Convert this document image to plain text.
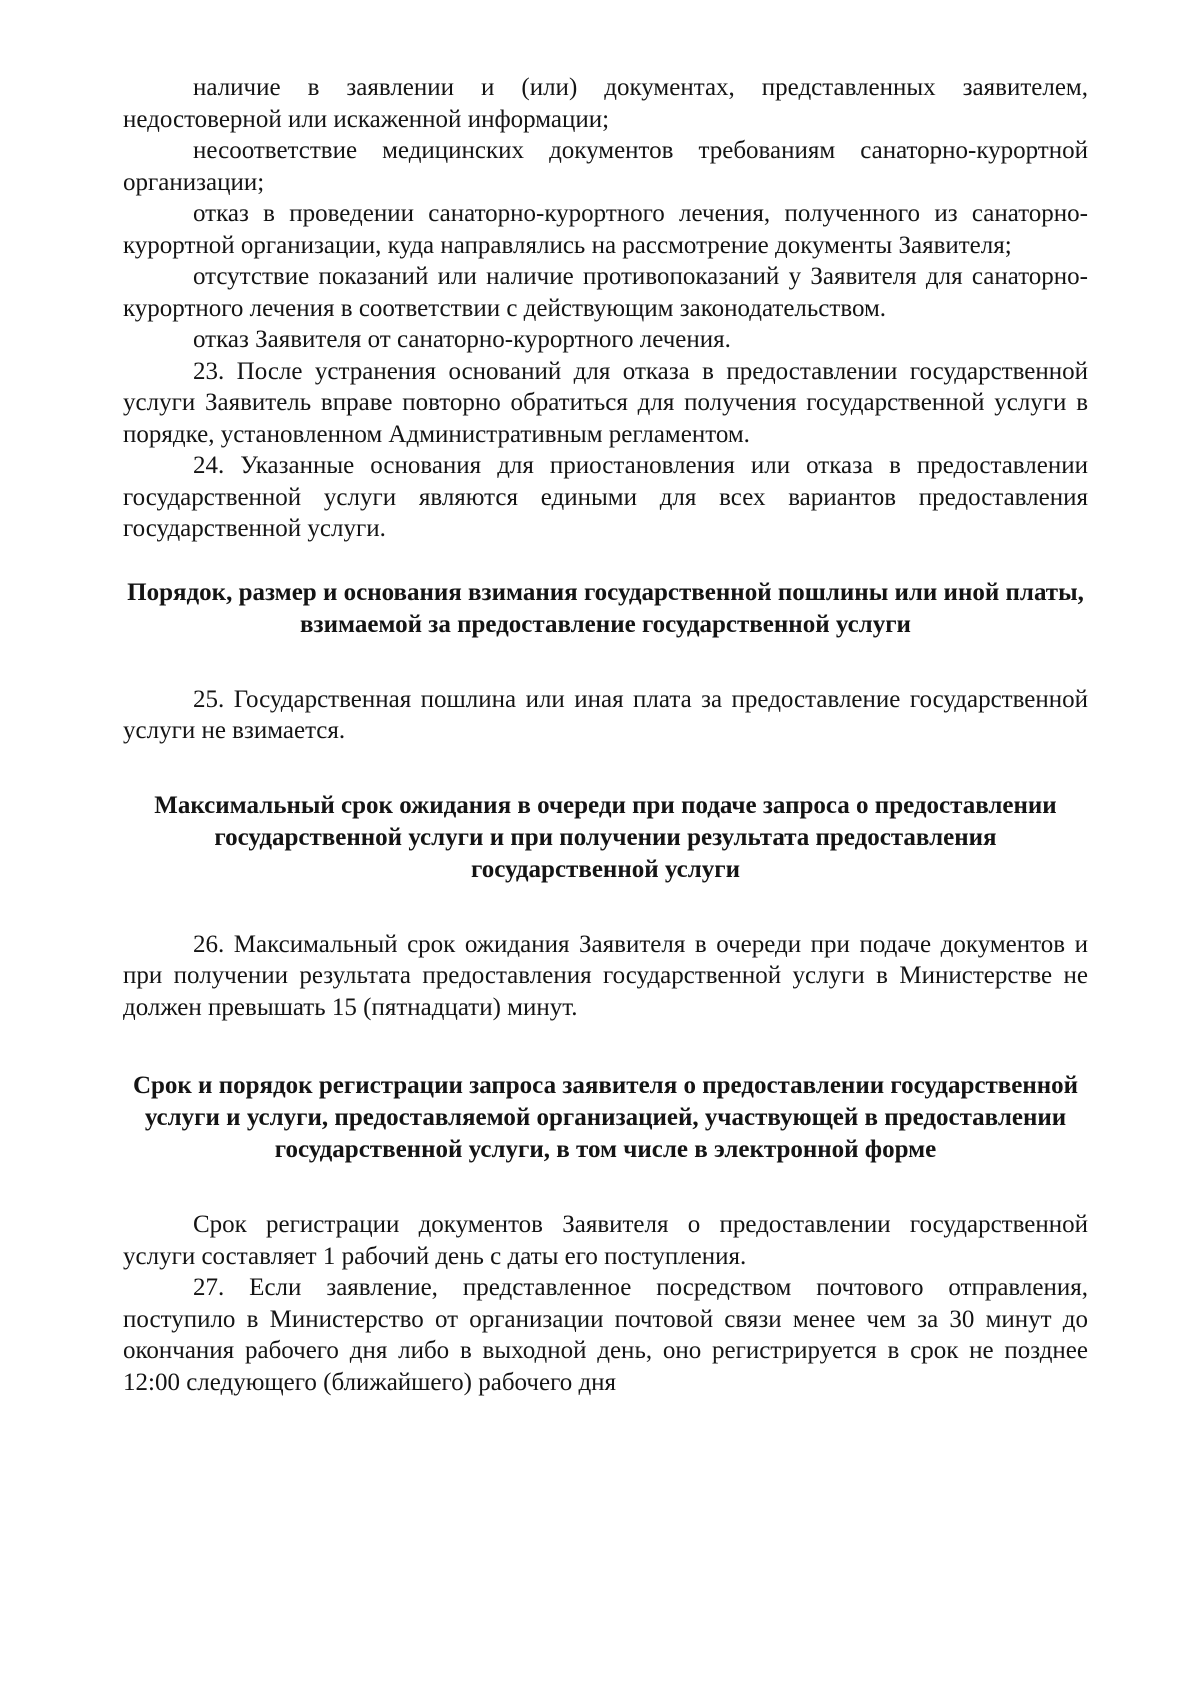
наличие в заявлении и (или) документах, представленных заявителем, недостоверной или искаженной информации;

несоответствие медицинских документов требованиям санаторно-курортной организации;

отказ в проведении санаторно-курортного лечения, полученного из санаторно-курортной организации, куда направлялись на рассмотрение документы Заявителя;

отсутствие показаний или наличие противопоказаний у Заявителя для санаторно-курортного лечения в соответствии с действующим законодательством.

отказ Заявителя от санаторно-курортного лечения.

23. После устранения оснований для отказа в предоставлении государственной услуги Заявитель вправе повторно обратиться для получения государственной услуги в порядке, установленном Административным регламентом.

24. Указанные основания для приостановления или отказа в предоставлении государственной услуги являются едиными для всех вариантов предоставления государственной услуги.

Порядок, размер и основания взимания государственной пошлины или иной платы, взимаемой за предоставление государственной услуги

25. Государственная пошлина или иная плата за предоставление государственной услуги не взимается.

Максимальный срок ожидания в очереди при подаче запроса о предоставлении государственной услуги и при получении результата предоставления государственной услуги

26. Максимальный срок ожидания Заявителя в очереди при подаче документов и при получении результата предоставления государственной услуги в Министерстве не должен превышать 15 (пятнадцати) минут.

Срок и порядок регистрации запроса заявителя о предоставлении государственной услуги и услуги, предоставляемой организацией, участвующей в предоставлении государственной услуги, в том числе в электронной форме

Срок регистрации документов Заявителя о предоставлении государственной услуги составляет 1 рабочий день с даты его поступления.

27. Если заявление, представленное посредством почтового отправления, поступило в Министерство от организации почтовой связи менее чем за 30 минут до окончания рабочего дня либо в выходной день, оно регистрируется в срок не позднее 12:00 следующего (ближайшего) рабочего дня
